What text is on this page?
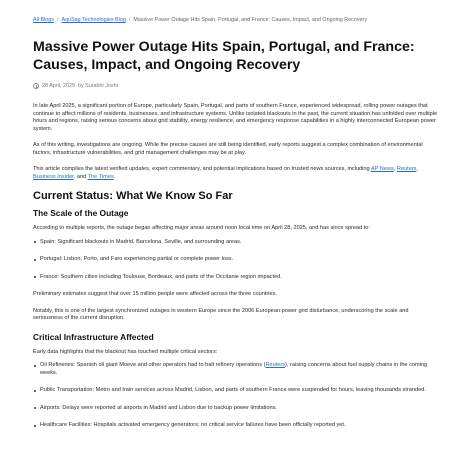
All Blogs / AquSag Technologies Blog / Massive Power Outage Hits Spain, Portugal, and France: Causes, Impact, and Ongoing Recovery
Massive Power Outage Hits Spain, Portugal, and France: Causes, Impact, and Ongoing Recovery
28 April, 2025 by Surabhi Joshi

In late April 2025, a significant portion of Europe, particularly Spain, Portugal, and parts of southern France, experienced widespread, rolling power outages that continue to affect millions of residents, businesses, and infrastructure systems. Unlike isolated blackouts in the past, the current situation has unfolded over multiple hours and regions, raising serious concerns about grid stability, energy resilience, and emergency response capabilities in a highly interconnected European power system.

As of this writing, investigations are ongoing. While the precise causes are still being identified, early reports suggest a complex combination of environmental factors, infrastructure vulnerabilities, and grid management challenges may be at play.

This article compiles the latest verified updates, expert commentary, and potential implications based on trusted news sources, including AP News, Reuters, Business Insider, and The Times.

Current Status: What We Know So Far
The Scale of the Outage

According to multiple reports, the outage began affecting major areas around noon local time on April 28, 2025, and has since spread to:

Spain: Significant blackouts in Madrid, Barcelona, Seville, and surrounding areas.
Portugal: Lisbon, Porto, and Faro experiencing partial or complete power loss.
France: Southern cities including Toulouse, Bordeaux, and parts of the Occitanie region impacted.

Preliminary estimates suggest that over 15 million people were affected across the three countries.

Notably, this is one of the largest synchronized outages in western Europe since the 2006 European power grid disturbance, underscoring the scale and seriousness of the current disruption.

Critical Infrastructure Affected

Early data highlights that the blackout has touched multiple critical sectors:

Oil Refineries: Spanish oil giant Moeve and other operators had to halt refinery operations (Reuters), raising concerns about fuel supply chains in the coming weeks.
Public Transportation: Metro and train services across Madrid, Lisbon, and parts of southern France were suspended for hours, leaving thousands stranded.
Airports: Delays were reported at airports in Madrid and Lisbon due to backup power limitations.
Healthcare Facilities: Hospitals activated emergency generators; no critical service failures have been officially reported yet.
